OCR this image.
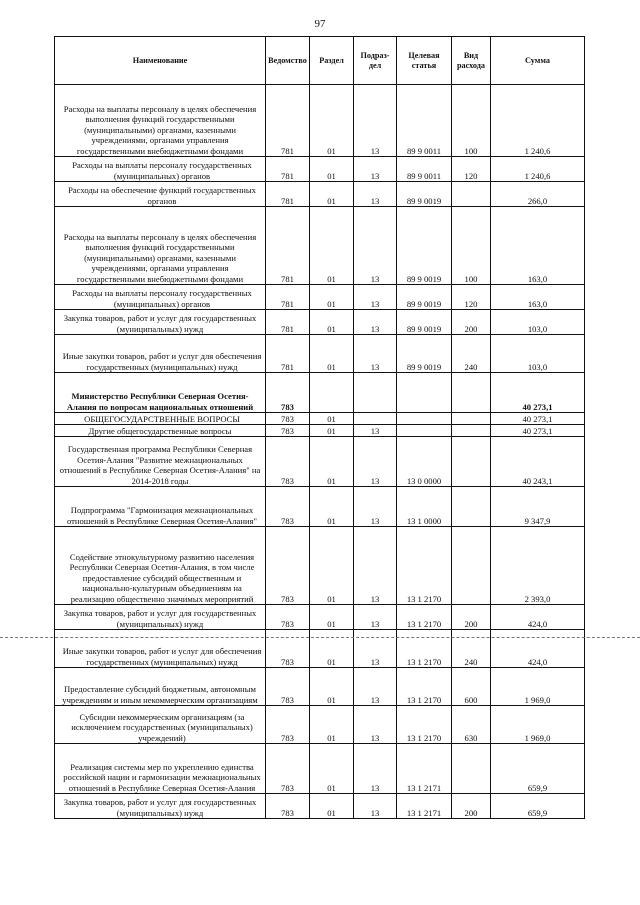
97
Наименование	Ведомство	Раздел	Подраз-дел	Целевая статья	Вид расхода	Сумма
Расходы на выплаты персоналу в целях обеспечения выполнения функций государственными (муниципальными) органами, казенными учреждениями, органами управления государственными внебюджетными фондами	781	01	13	89 9 0011	100	1 240,6
Расходы на выплаты персоналу государственных (муниципальных) органов	781	01	13	89 9 0011	120	1 240,6
Расходы на обеспечение функций государственных органов	781	01	13	89 9 0019		266,0
Расходы на выплаты персоналу в целях обеспечения выполнения функций государственными (муниципальными) органами, казенными учреждениями, органами управления государственными внебюджетными фондами	781	01	13	89 9 0019	100	163,0
Расходы на выплаты персоналу государственных (муниципальных) органов	781	01	13	89 9 0019	120	163,0
Закупка товаров, работ и услуг для государственных (муниципальных) нужд	781	01	13	89 9 0019	200	103,0
Иные закупки товаров, работ и услуг для обеспечения государственных (муниципальных) нужд	781	01	13	89 9 0019	240	103,0
Министерство Республики Северная Осетия-Алания по вопросам национальных отношений	783					40 273,1
ОБЩЕГОСУДАРСТВЕННЫЕ ВОПРОСЫ	783	01				40 273,1
Другие общегосударственные вопросы	783	01	13			40 273,1
Государственная программа Республики Северная Осетия-Алания "Развитие межнациональных отношений в Республике Северная Осетия-Алания" на 2014-2018 годы	783	01	13	13 0 0000		40 243,1
Подпрограмма "Гармонизация межнациональных отношений в Республике Северная Осетия-Алания"	783	01	13	13 1 0000		9 347,9
Содействие этнокультурному развитию населения Республики Северная Осетия-Алания, в том числе предоставление субсидий общественным и национально-культурным объединениям на реализацию общественно значимых мероприятий	783	01	13	13 1 2170		2 393,0
Закупка товаров, работ и услуг для государственных (муниципальных) нужд	783	01	13	13 1 2170	200	424,0
Иные закупки товаров, работ и услуг для обеспечения государственных (муниципальных) нужд	783	01	13	13 1 2170	240	424,0
Предоставление субсидий бюджетным, автономным учреждениям и иным некоммерческим организациям	783	01	13	13 1 2170	600	1 969,0
Субсидии некоммерческим организациям (за исключением государственных (муниципальных) учреждений)	783	01	13	13 1 2170	630	1 969,0
Реализация системы мер по укреплению единства российской нации и гармонизации межнациональных отношений в Республике Северная Осетия-Алания	783	01	13	13 1 2171		659,9
Закупка товаров, работ и услуг для государственных (муниципальных) нужд	783	01	13	13 1 2171	200	659,9
